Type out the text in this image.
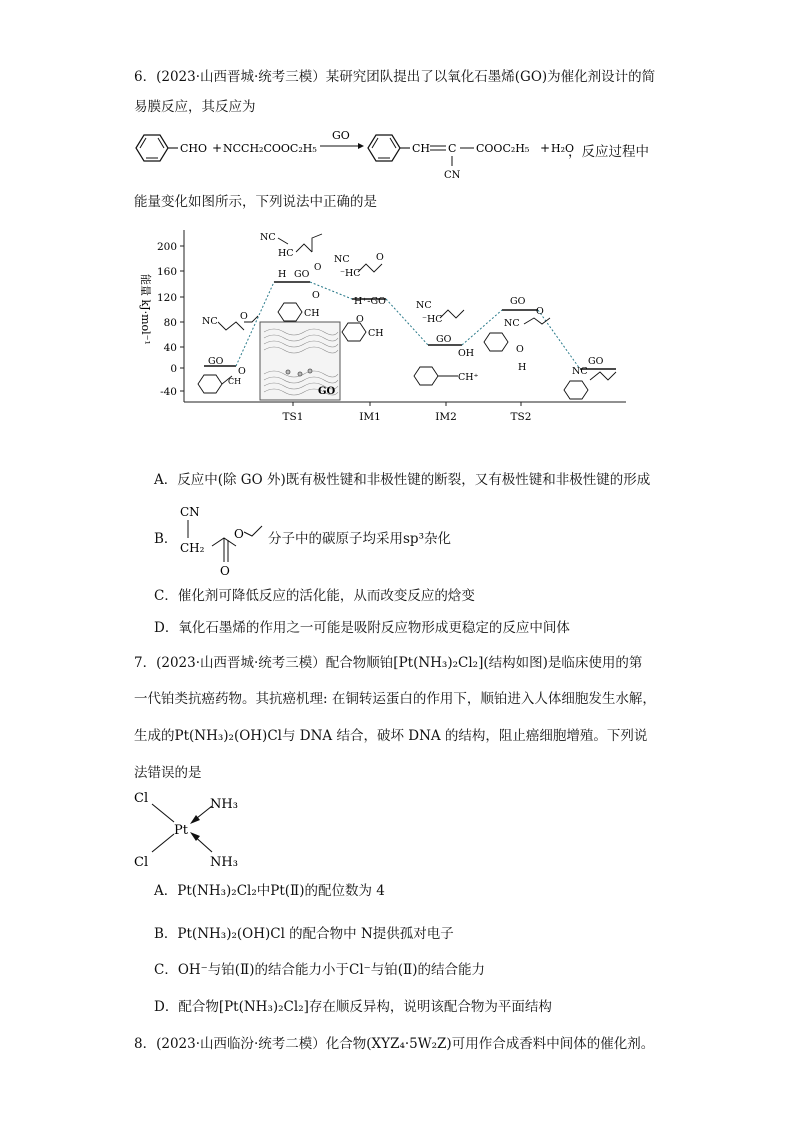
6．(2023·山西晋城·统考三模）某研究团队提出了以氧化石墨烯(GO)为催化剂设计的简
易膜反应，其反应为
CHO + NCCH₂COOC₂H₅
GO
CH C
CN
COOC₂H₅ + H₂O
，反应过程中
能量变化如图所示，下列说法中正确的是
200
160
120
80
40
0
-40
能量 kJ·mol⁻¹
TS1	IM1	IM2	TS2
GO
NC O
GO
O
CH
NC
HC
O
H GO
O
CH
NC
⁻HC
O
H⁺-GO
O
CH
NC
⁻HC
GO
OH
CH⁺
GO
NC
O
O
H
GO
NC
A．反应中(除 GO 外)既有极性键和非极性键的断裂，又有极性键和非极性键的形成
B．
CN
CH₂
O
O 分子中的碳原子均采用sp³杂化
C．催化剂可降低反应的活化能，从而改变反应的焓变
D．氧化石墨烯的作用之一可能是吸附反应物形成更稳定的反应中间体
7．(2023·山西晋城·统考三模）配合物顺铂[Pt(NH₃)₂Cl₂](结构如图)是临床使用的第
一代铂类抗癌药物。其抗癌机理: 在铜转运蛋白的作用下，顺铂进入人体细胞发生水解，
生成的Pt(NH₃)₂(OH)Cl与 DNA 结合，破坏 DNA 的结构，阻止癌细胞增殖。下列说
法错误的是
Cl
Cl
Pt
NH₃
NH₃
A．Pt(NH₃)₂Cl₂中Pt(Ⅱ)的配位数为 4
B．Pt(NH₃)₂(OH)Cl 的配合物中 N提供孤对电子
C．OH⁻与铂(Ⅱ)的结合能力小于Cl⁻与铂(Ⅱ)的结合能力
D．配合物[Pt(NH₃)₂Cl₂]存在顺反异构，说明该配合物为平面结构
8．(2023·山西临汾·统考二模）化合物(XYZ₄·5W₂Z)可用作合成香料中间体的催化剂。
